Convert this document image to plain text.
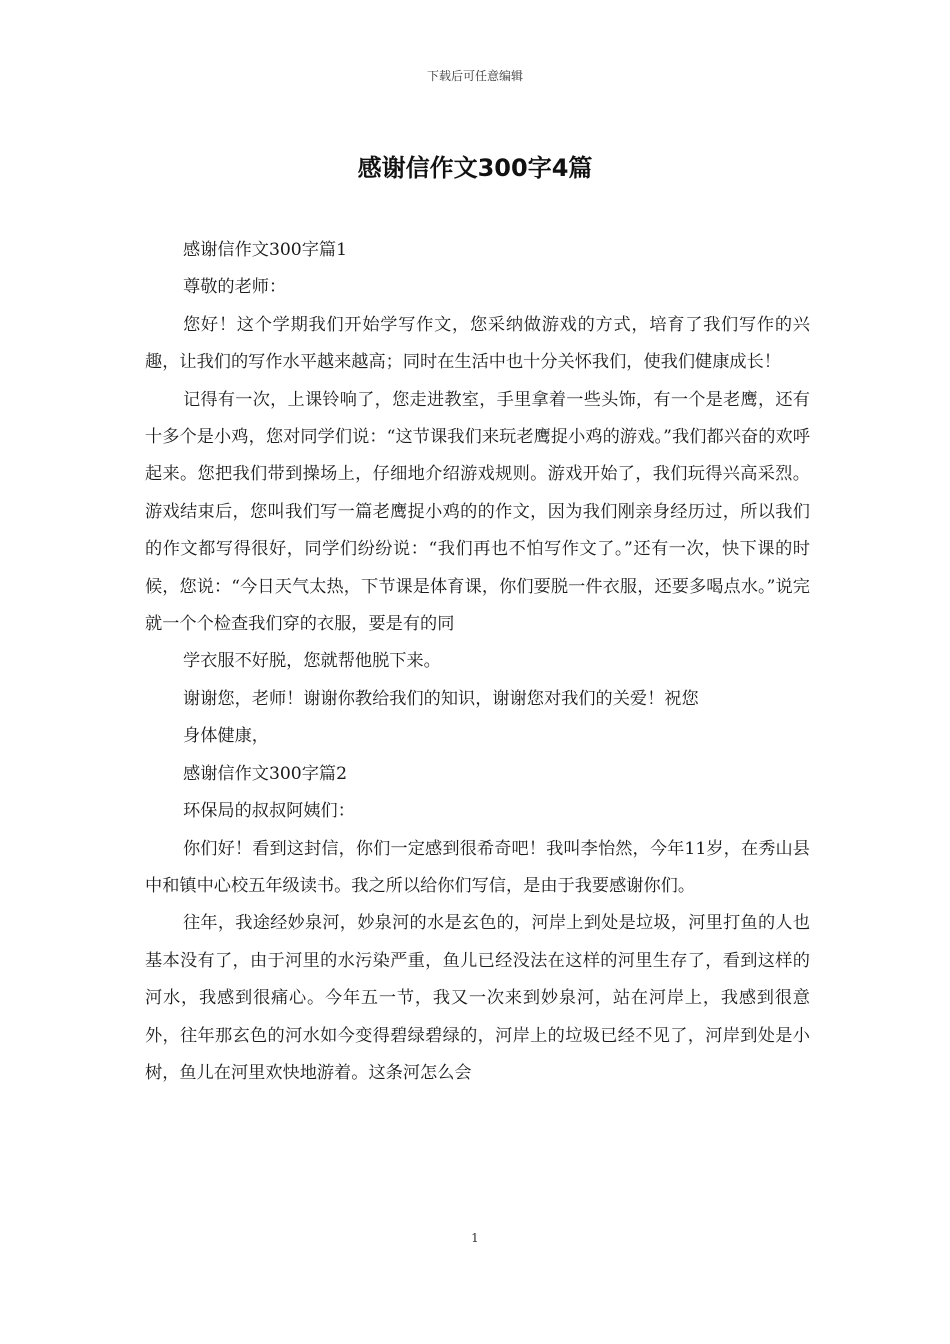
下载后可任意编辑
感谢信作文300字4篇

感谢信作文300字篇1

尊敬的老师：

您好！这个学期我们开始学写作文，您采纳做游戏的方式，培育了我们写作的兴趣，让我们的写作水平越来越高；同时在生活中也十分关怀我们，使我们健康成长！

记得有一次，上课铃响了，您走进教室，手里拿着一些头饰，有一个是老鹰，还有十多个是小鸡，您对同学们说：“这节课我们来玩老鹰捉小鸡的游戏。”我们都兴奋的欢呼起来。您把我们带到操场上，仔细地介绍游戏规则。游戏开始了，我们玩得兴高采烈。游戏结束后，您叫我们写一篇老鹰捉小鸡的的作文，因为我们刚亲身经历过，所以我们的作文都写得很好，同学们纷纷说：“我们再也不怕写作文了。”还有一次，快下课的时候，您说：“今日天气太热，下节课是体育课，你们要脱一件衣服，还要多喝点水。”说完就一个个检查我们穿的衣服，要是有的同

学衣服不好脱，您就帮他脱下来。

谢谢您，老师！谢谢你教给我们的知识，谢谢您对我们的关爱！祝您

身体健康，

感谢信作文300字篇2

环保局的叔叔阿姨们：

你们好！看到这封信，你们一定感到很希奇吧！我叫李怡然，今年11岁，在秀山县中和镇中心校五年级读书。我之所以给你们写信，是由于我要感谢你们。

往年，我途经妙泉河，妙泉河的水是玄色的，河岸上到处是垃圾，河里打鱼的人也基本没有了，由于河里的水污染严重，鱼儿已经没法在这样的河里生存了，看到这样的河水，我感到很痛心。今年五一节，我又一次来到妙泉河，站在河岸上，我感到很意外，往年那玄色的河水如今变得碧绿碧绿的，河岸上的垃圾已经不见了，河岸到处是小树，鱼儿在河里欢快地游着。这条河怎么会

1
